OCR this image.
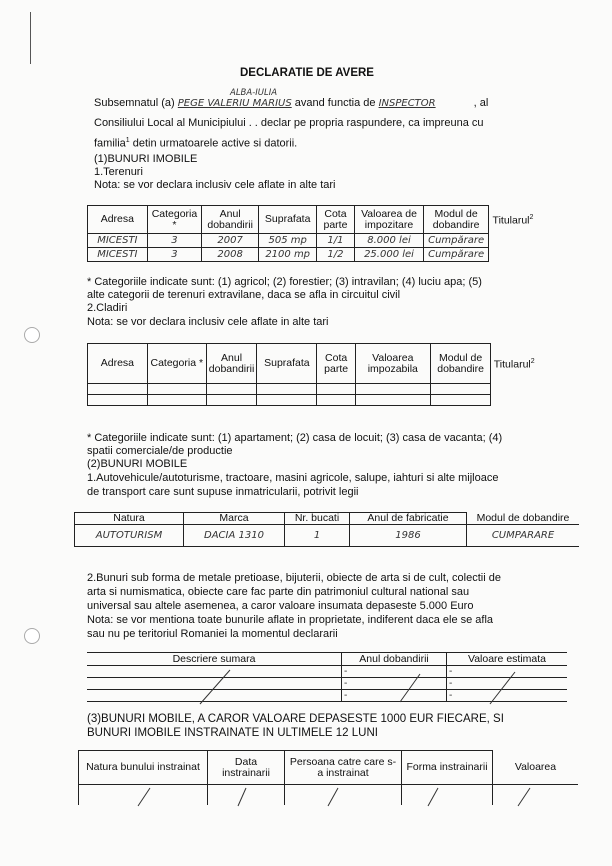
DECLARATIE DE AVERE
Subsemnatul (a) PEGE VALERIU MARIUS avand functia de INSPECTOR	, al
ALBA-IULIA
Consiliului Local al Municipiului . . declar pe propria raspundere, ca impreuna cu
familia$^1$ detin urmatoarele active si datorii.
(1)BUNURI IMOBILE
1.Terenuri
Nota: se vor declara inclusiv cele aflate in alte tari
Adresa	Categoria *	Anul dobandirii	Suprafata	Cota parte	Valoarea de impozitare	Modul de dobandire	Titularul$^2$
MICESTI	3	2007	505 mp	1/1	8.000 lei	Cumpărare	
MICESTI	3	2008	2100 mp	1/2	25.000 lei	Cumpărare	
* Categoriile indicate sunt: (1) agricol; (2) forestier; (3) intravilan; (4) luciu apa; (5)
alte categorii de terenuri extravilane, daca se afla in circuitul civil
2.Cladiri
Nota: se vor declara inclusiv cele aflate in alte tari
Adresa	Categoria *	Anul dobandirii	Suprafata	Cota parte	Valoarea impozabila	Modul de dobandire	Titularul$^2$

* Categoriile indicate sunt: (1) apartament; (2) casa de locuit; (3) casa de vacanta; (4)
spatii comerciale/de productie
(2)BUNURI MOBILE
1.Autovehicule/autoturisme, tractoare, masini agricole, salupe, iahturi si alte mijloace
de transport care sunt supuse inmatricularii, potrivit legii
Natura	Marca	Nr. bucati	Anul de fabricatie	Modul de dobandire
AUTOTURISM	DACIA 1310	1	1986	CUMPARARE
2.Bunuri sub forma de metale pretioase, bijuterii, obiecte de arta si de cult, colectii de
arta si numismatica, obiecte care fac parte din patrimoniul cultural national sau
universal sau altele asemenea, a caror valoare insumata depaseste 5.000 Euro
Nota: se vor mentiona toate bunurile aflate in proprietate, indiferent daca ele se afla
sau nu pe teritoriul Romaniei la momentul declararii
Descriere sumara	Anul dobandirii	Valoare estimata
	-	-
	-	-
	-	-
(3)BUNURI MOBILE, A CAROR VALOARE DEPASESTE 1000 EUR FIECARE, SI
BUNURI IMOBILE INSTRAINATE IN ULTIMELE 12 LUNI
Natura bunului instrainat	Data instrainarii	Persoana catre care s-a instrainat	Forma instrainarii	Valoarea
